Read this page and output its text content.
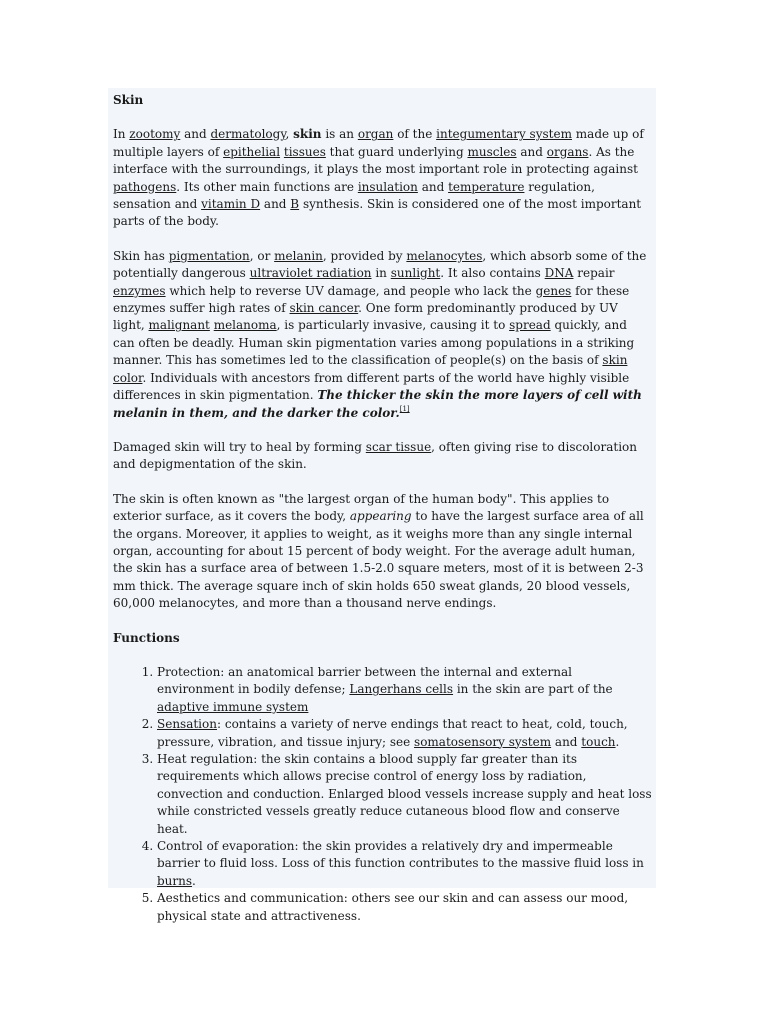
Skin

In zootomy and dermatology, skin is an organ of the integumentary system made up of multiple layers of epithelial tissues that guard underlying muscles and organs. As the interface with the surroundings, it plays the most important role in protecting against pathogens. Its other main functions are insulation and temperature regulation, sensation and vitamin D and B synthesis. Skin is considered one of the most important parts of the body.

Skin has pigmentation, or melanin, provided by melanocytes, which absorb some of the potentially dangerous ultraviolet radiation in sunlight. It also contains DNA repair enzymes which help to reverse UV damage, and people who lack the genes for these enzymes suffer high rates of skin cancer. One form predominantly produced by UV light, malignant melanoma, is particularly invasive, causing it to spread quickly, and can often be deadly. Human skin pigmentation varies among populations in a striking manner. This has sometimes led to the classification of people(s) on the basis of skin color. Individuals with ancestors from different parts of the world have highly visible differences in skin pigmentation. The thicker the skin the more layers of cell with melanin in them, and the darker the color.[1]

Damaged skin will try to heal by forming scar tissue, often giving rise to discoloration and depigmentation of the skin.

The skin is often known as "the largest organ of the human body". This applies to exterior surface, as it covers the body, appearing to have the largest surface area of all the organs. Moreover, it applies to weight, as it weighs more than any single internal organ, accounting for about 15 percent of body weight. For the average adult human, the skin has a surface area of between 1.5-2.0 square meters, most of it is between 2-3 mm thick. The average square inch of skin holds 650 sweat glands, 20 blood vessels, 60,000 melanocytes, and more than a thousand nerve endings.

Functions
1. Protection: an anatomical barrier between the internal and external environment in bodily defense; Langerhans cells in the skin are part of the adaptive immune system
2. Sensation: contains a variety of nerve endings that react to heat, cold, touch, pressure, vibration, and tissue injury; see somatosensory system and touch.
3. Heat regulation: the skin contains a blood supply far greater than its requirements which allows precise control of energy loss by radiation, convection and conduction. Enlarged blood vessels increase supply and heat loss while constricted vessels greatly reduce cutaneous blood flow and conserve heat.
4. Control of evaporation: the skin provides a relatively dry and impermeable barrier to fluid loss. Loss of this function contributes to the massive fluid loss in burns.
5. Aesthetics and communication: others see our skin and can assess our mood, physical state and attractiveness.
